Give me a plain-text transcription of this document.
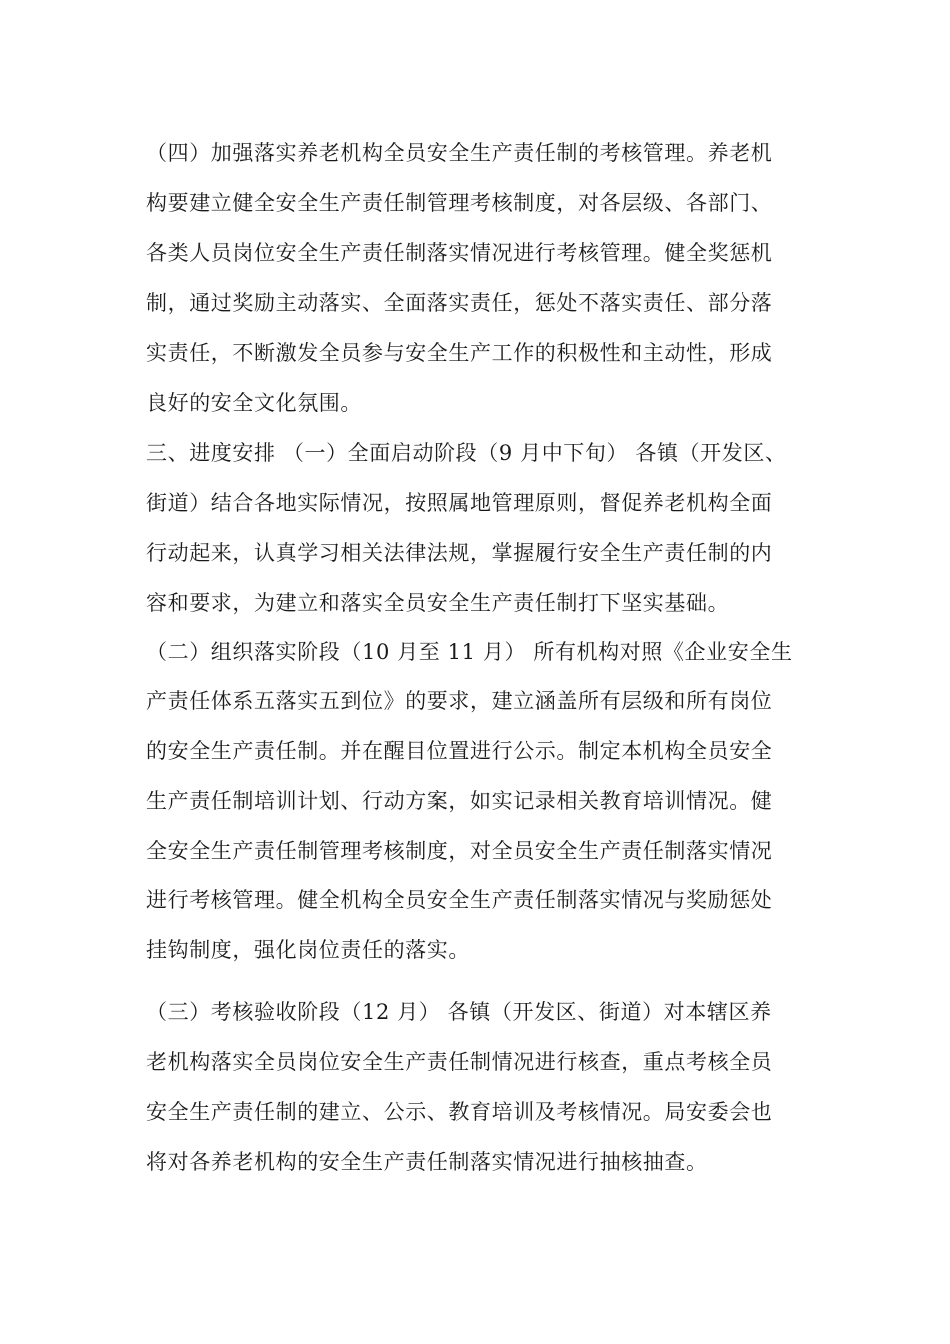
（四）加强落实养老机构全员安全生产责任制的考核管理。养老机
构要建立健全安全生产责任制管理考核制度，对各层级、各部门、
各类人员岗位安全生产责任制落实情况进行考核管理。健全奖惩机
制，通过奖励主动落实、全面落实责任，惩处不落实责任、部分落
实责任，不断激发全员参与安全生产工作的积极性和主动性，形成
良好的安全文化氛围。
三、进度安排 （一）全面启动阶段（9 月中下旬） 各镇（开发区、
街道）结合各地实际情况，按照属地管理原则，督促养老机构全面
行动起来，认真学习相关法律法规，掌握履行安全生产责任制的内
容和要求，为建立和落实全员安全生产责任制打下坚实基础。
（二）组织落实阶段（10 月至 11 月） 所有机构对照《企业安全生
产责任体系五落实五到位》的要求，建立涵盖所有层级和所有岗位
的安全生产责任制。并在醒目位置进行公示。制定本机构全员安全
生产责任制培训计划、行动方案，如实记录相关教育培训情况。健
全安全生产责任制管理考核制度，对全员安全生产责任制落实情况
进行考核管理。健全机构全员安全生产责任制落实情况与奖励惩处
挂钩制度，强化岗位责任的落实。
（三）考核验收阶段（12 月） 各镇（开发区、街道）对本辖区养
老机构落实全员岗位安全生产责任制情况进行核查，重点考核全员
安全生产责任制的建立、公示、教育培训及考核情况。局安委会也
将对各养老机构的安全生产责任制落实情况进行抽核抽查。
